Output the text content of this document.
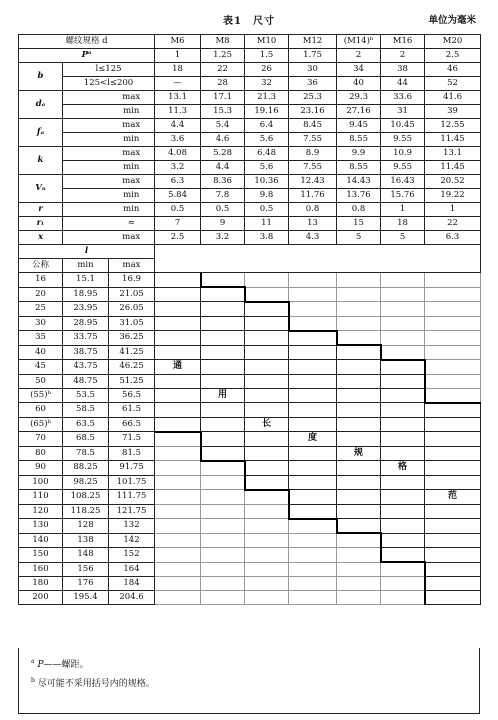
表1　尺寸	单位为毫米
螺纹规格 d			M6	M8	M10	M12	(M14)ᵇ	M16	M20
Pᵃ			1	1.25	1.5	1.75	2	2	2.5
b	l≤125		18	22	26	30	34	38	46
	125<l≤200		—	28	32	36	40	44	52
dₐ		max	13.1	17.1	21.3	25.3	29.3	33.6	41.6
		min	11.3	15.3	19.16	23.16	27.16	31	39
fₐ		max	4.4	5.4	6.4	8.45	9.45	10.45	12.55
		min	3.6	4.6	5.6	7.55	8.55	9.55	11.45
k		max	4.08	5.28	6.48	8.9	9.9	10.9	13.1
		min	3.2	4.4	5.6	7.55	8.55	9.55	11.45
Vₙ		max	6.3	8.36	10.36	12.43	14.43	16.43	20.52
		min	5.84	7.8	9.8	11.76	13.76	15.76	19.22
r		min	0.5	0.5	0.5	0.8	0.8	1	1
rₜ		≈	7	9	11	13	15	18	22
x		max	2.5	3.2	3.8	4.3	5	5	6.3
l									
公称	min	max							
16	15.1	16.9							
20	18.95	21.05							
25	23.95	26.05							
30	28.95	31.05							
35	33.75	36.25							
40	38.75	41.25							
45	43.75	46.25	通						
50	48.75	51.25							
(55)ᵇ	53.5	56.5		用					
60	58.5	61.5							
(65)ᵇ	63.5	66.5			长				
70	68.5	71.5				度			
80	78.5	81.5					规		
90	88.25	91.75						格	
100	98.25	101.75							
110	108.25	111.75							范
120	118.25	121.75							
130	128	132							
140	138	142							
150	148	152							
160	156	164							
180	176	184							
200	195.4	204.6							
$^a$ P——螺距。
$^b$ 尽可能不采用括号内的规格。
